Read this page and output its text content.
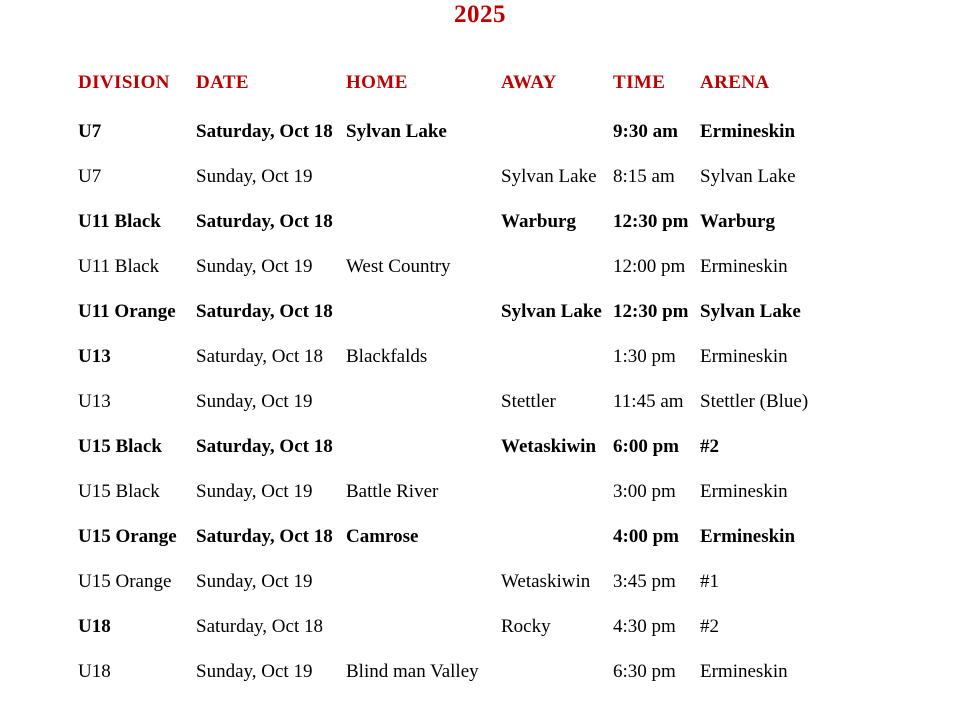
2025
DIVISION	DATE	HOME	AWAY	TIME	ARENA
U7	Saturday, Oct 18	Sylvan Lake		9:30 am	Ermineskin
U7	Sunday, Oct 19		Sylvan Lake	8:15 am	Sylvan Lake
U11 Black	Saturday, Oct 18		Warburg	12:30 pm	Warburg
U11 Black	Sunday, Oct 19	West Country		12:00 pm	Ermineskin
U11 Orange	Saturday, Oct 18		Sylvan Lake	12:30 pm	Sylvan Lake
U13	Saturday, Oct 18	Blackfalds		1:30 pm	Ermineskin
U13	Sunday, Oct 19		Stettler	11:45 am	Stettler (Blue)
U15 Black	Saturday, Oct 18		Wetaskiwin	6:00 pm	#2
U15 Black	Sunday, Oct 19	Battle River		3:00 pm	Ermineskin
U15 Orange	Saturday, Oct 18	Camrose		4:00 pm	Ermineskin
U15 Orange	Sunday, Oct 19		Wetaskiwin	3:45 pm	#1
U18	Saturday, Oct 18		Rocky	4:30 pm	#2
U18	Sunday, Oct 19	Blind man Valley		6:30 pm	Ermineskin
